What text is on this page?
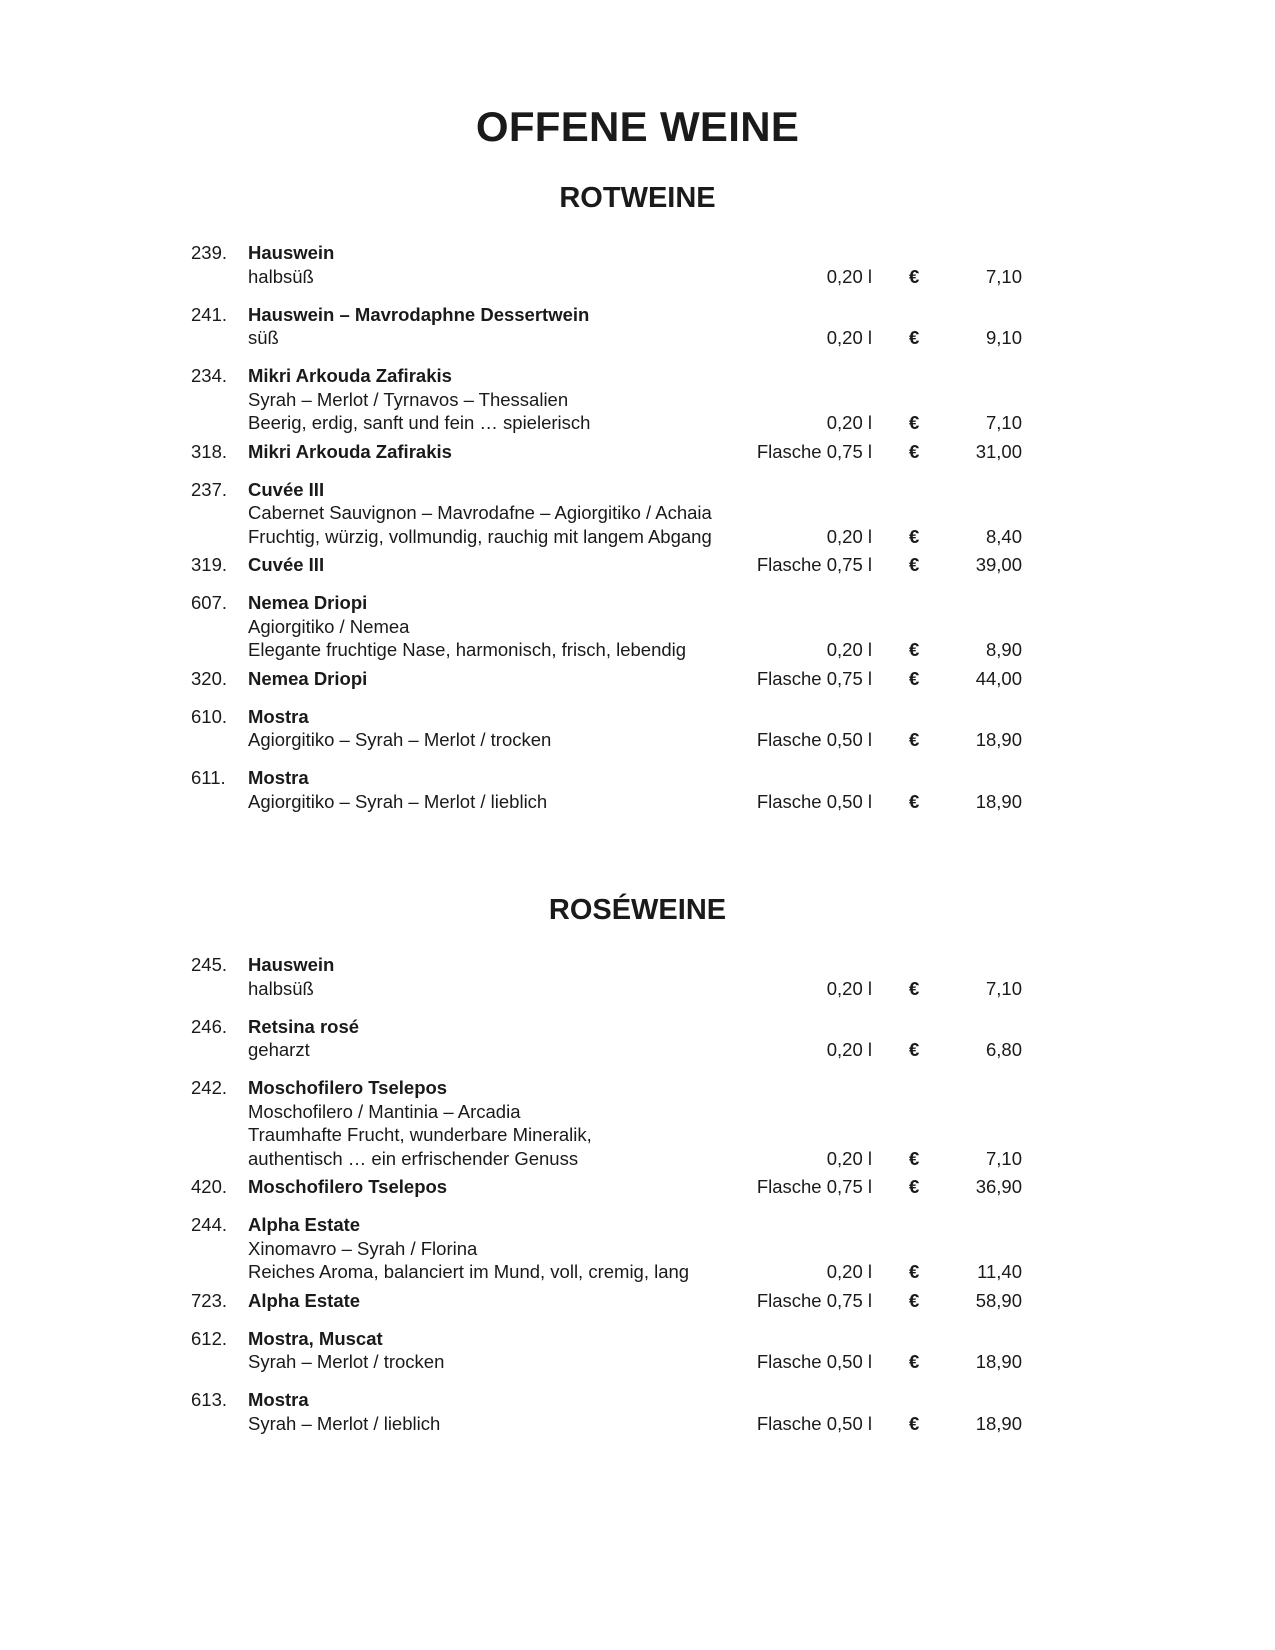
OFFENE WEINE
ROTWEINE
239. Hauswein
halbsüß	0,20 l €	7,10
241. Hauswein – Mavrodaphne Dessertwein
süß	0,20 l €	9,10
234. Mikri Arkouda Zafirakis
Syrah – Merlot / Tyrnavos – Thessalien
Beerig, erdig, sanft und fein … spielerisch	0,20 l €	7,10
318. Mikri Arkouda Zafirakis	Flasche 0,75 l €	31,00
237. Cuvée III
Cabernet Sauvignon – Mavrodafne – Agiorgitiko / Achaia
Fruchtig, würzig, vollmundig, rauchig mit langem Abgang	0,20 l €	8,40
319. Cuvée III	Flasche 0,75 l €	39,00
607. Nemea Driopi
Agiorgitiko / Nemea
Elegante fruchtige Nase, harmonisch, frisch, lebendig	0,20 l €	8,90
320. Nemea Driopi	Flasche 0,75 l €	44,00
610. Mostra
Agiorgitiko – Syrah – Merlot / trocken	Flasche 0,50 l €	18,90
611. Mostra
Agiorgitiko – Syrah – Merlot / lieblich	Flasche 0,50 l €	18,90
ROSÉWEINE
245. Hauswein
halbsüß	0,20 l €	7,10
246. Retsina rosé
geharzt	0,20 l €	6,80
242. Moschofilero Tselepos
Moschofilero / Mantinia – Arcadia
Traumhafte Frucht, wunderbare Mineralik,
authentisch … ein erfrischender Genuss	0,20 l €	7,10
420. Moschofilero Tselepos	Flasche 0,75 l €	36,90
244. Alpha Estate
Xinomavro – Syrah / Florina
Reiches Aroma, balanciert im Mund, voll, cremig, lang	0,20 l €	11,40
723. Alpha Estate	Flasche 0,75 l €	58,90
612. Mostra, Muscat
Syrah – Merlot / trocken	Flasche 0,50 l €	18,90
613. Mostra
Syrah – Merlot / lieblich	Flasche 0,50 l €	18,90
